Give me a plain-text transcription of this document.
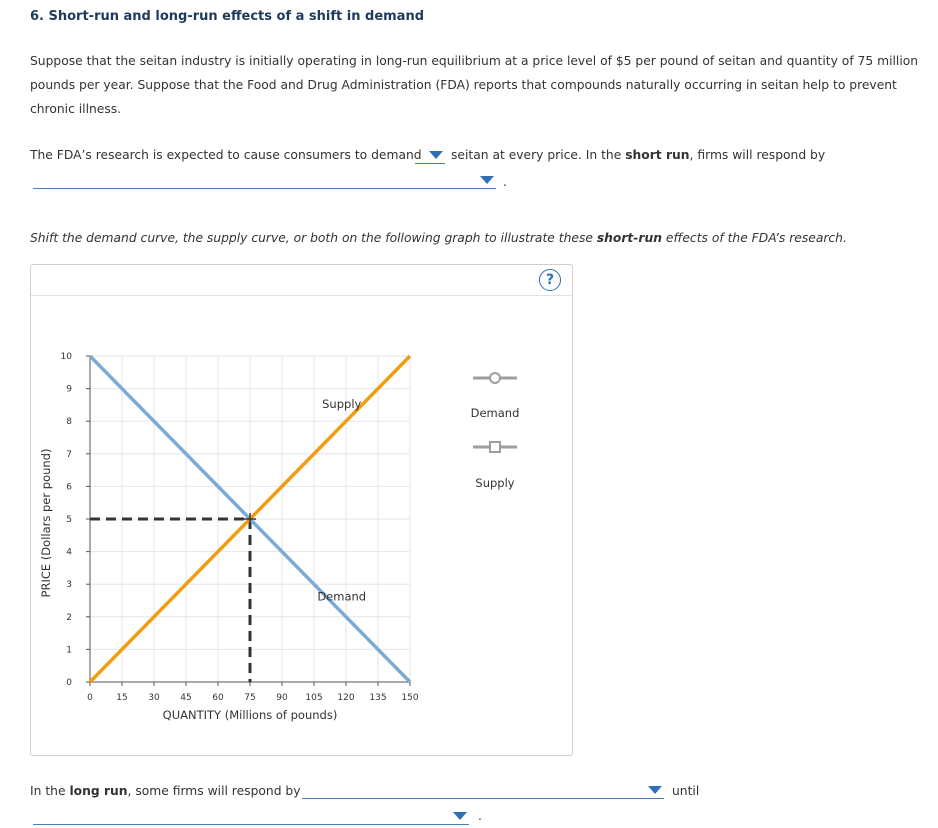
6. Short-run and long-run effects of a shift in demand
Suppose that the seitan industry is initially operating in long-run equilibrium at a price level of $5 per pound of seitan and quantity of 75 million pounds per year. Suppose that the Food and Drug Administration (FDA) reports that compounds naturally occurring in seitan help to prevent chronic illness.
The FDA’s research is expected to cause consumers to demand seitan at every price. In the short run, firms will respond by
.
Shift the demand curve, the supply curve, or both on the following graph to illustrate these short-run effects of the FDA’s research.
?
0	15 30 45 60 75 90 105 120 135 150
0
1
2
3
4
5
6
7
8
9
10
QUANTITY (Millions of pounds)
PRICE (Dollars per pound)
Supply
Demand
Demand
Supply
In the long run, some firms will respond by	until
.
